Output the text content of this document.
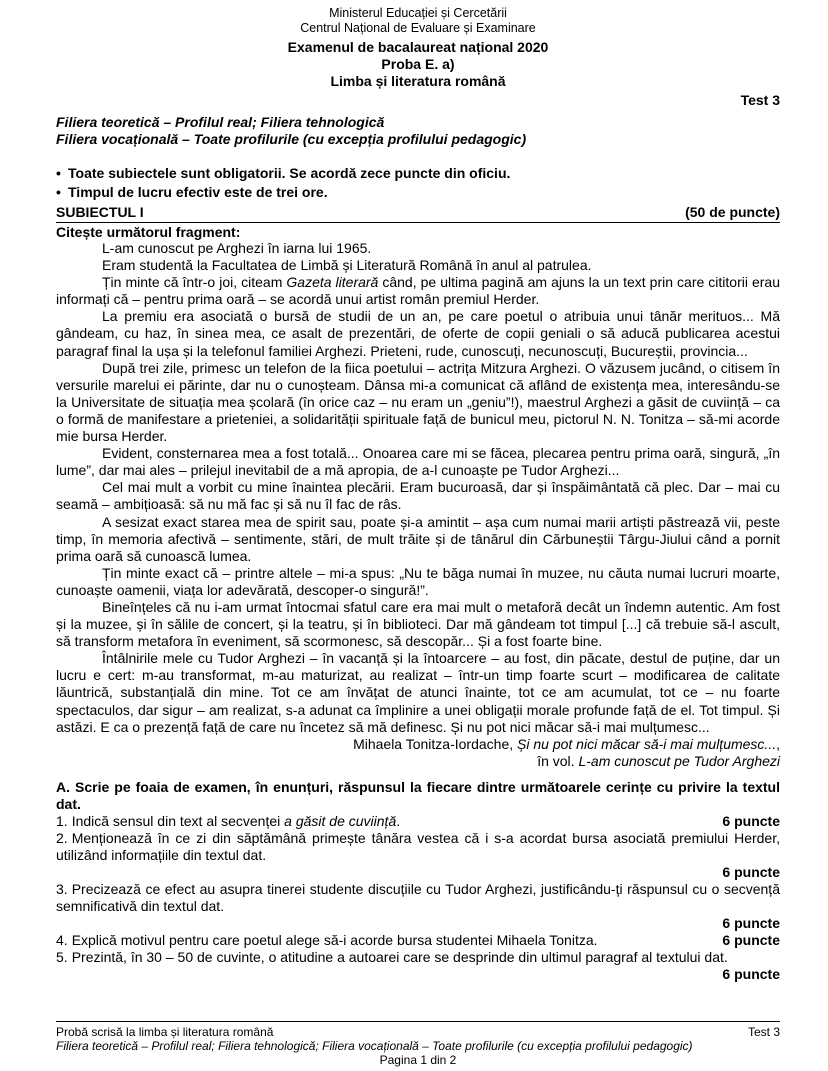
Ministerul Educației și Cercetării
Centrul Național de Evaluare și Examinare
Examenul de bacalaureat național 2020
Proba E. a)
Limba și literatura română
Test 3
Filiera teoretică – Profilul real; Filiera tehnologică
Filiera vocațională – Toate profilurile (cu excepția profilului pedagogic)
• Toate subiectele sunt obligatorii. Se acordă zece puncte din oficiu.
• Timpul de lucru efectiv este de trei ore.
SUBIECTUL I	(50 de puncte)
Citește următorul fragment:

L-am cunoscut pe Arghezi în iarna lui 1965.

Eram studentă la Facultatea de Limbă și Literatură Română în anul al patrulea.

Țin minte că într-o joi, citeam Gazeta literară când, pe ultima pagină am ajuns la un text prin care cititorii erau informați că – pentru prima oară – se acordă unui artist român premiul Herder.

La premiu era asociată o bursă de studii de un an, pe care poetul o atribuia unui tânăr merituos... Mă gândeam, cu haz, în sinea mea, ce asalt de prezentări, de oferte de copii geniali o să aducă publicarea acestui paragraf final la ușa și la telefonul familiei Arghezi. Prieteni, rude, cunoscuți, necunoscuți, Bucureștii, provincia...

După trei zile, primesc un telefon de la fiica poetului – actrița Mitzura Arghezi. O văzusem jucând, o citisem în versurile marelui ei părinte, dar nu o cunoșteam. Dânsa mi-a comunicat că aflând de existența mea, interesându-se la Universitate de situația mea școlară (în orice caz – nu eram un „geniu”!), maestrul Arghezi a găsit de cuviință – ca o formă de manifestare a prieteniei, a solidarității spirituale față de bunicul meu, pictorul N. N. Tonitza – să-mi acorde mie bursa Herder.

Evident, consternarea mea a fost totală... Onoarea care mi se făcea, plecarea pentru prima oară, singură, „în lume”, dar mai ales – prilejul inevitabil de a mă apropia, de a-l cunoaște pe Tudor Arghezi...

Cel mai mult a vorbit cu mine înaintea plecării. Eram bucuroasă, dar și înspăimântată că plec. Dar – mai cu seamă – ambițioasă: să nu mă fac și să nu îl fac de râs.

A sesizat exact starea mea de spirit sau, poate și-a amintit – așa cum numai marii artiști păstrează vii, peste timp, în memoria afectivă – sentimente, stări, de mult trăite și de tânărul din Cărbuneștii Târgu-Jiului când a pornit prima oară să cunoască lumea.

Țin minte exact că – printre altele – mi-a spus: „Nu te băga numai în muzee, nu căuta numai lucruri moarte, cunoaște oamenii, viața lor adevărată, descoper-o singură!”.

Bineînțeles că nu i-am urmat întocmai sfatul care era mai mult o metaforă decât un îndemn autentic. Am fost și la muzee, și în sălile de concert, și la teatru, și în biblioteci. Dar mă gândeam tot timpul [...] că trebuie să-l ascult, să transform metafora în eveniment, să scormonesc, să descopăr... Și a fost foarte bine.

Întâlnirile mele cu Tudor Arghezi – în vacanță și la întoarcere – au fost, din păcate, destul de puține, dar un lucru e cert: m-au transformat, m-au maturizat, au realizat – într-un timp foarte scurt – modificarea de calitate lăuntrică, substanțială din mine. Tot ce am învățat de atunci înainte, tot ce am acumulat, tot ce – nu foarte spectaculos, dar sigur – am realizat, s-a adunat ca împlinire a unei obligații morale profunde față de el. Tot timpul. Și astăzi. E ca o prezență față de care nu încetez să mă definesc. Și nu pot nici măcar să-i mai mulțumesc...

Mihaela Tonitza-Iordache, Și nu pot nici măcar să-i mai mulțumesc...,
în vol. L-am cunoscut pe Tudor Arghezi
A. Scrie pe foaia de examen, în enunțuri, răspunsul la fiecare dintre următoarele cerințe cu privire la textul dat.
6 puncte
1. Indică sensul din text al secvenței a găsit de cuviință.
2. Menționează în ce zi din săptămână primește tânăra vestea că i s-a acordat bursa asociată premiului Herder, utilizând informațiile din textul dat.
6 puncte
3. Precizează ce efect au asupra tinerei studente discuțiile cu Tudor Arghezi, justificându-ți răspunsul cu o secvență semnificativă din textul dat.
6 puncte
6 puncte
4. Explică motivul pentru care poetul alege să-i acorde bursa studentei Mihaela Tonitza.
5. Prezintă, în 30 – 50 de cuvinte, o atitudine a autoarei care se desprinde din ultimul paragraf al textului dat.
6 puncte
Probă scrisă la limba și literatura română	Test 3
Filiera teoretică – Profilul real; Filiera tehnologică; Filiera vocațională – Toate profilurile (cu excepția profilului pedagogic)
Pagina 1 din 2
